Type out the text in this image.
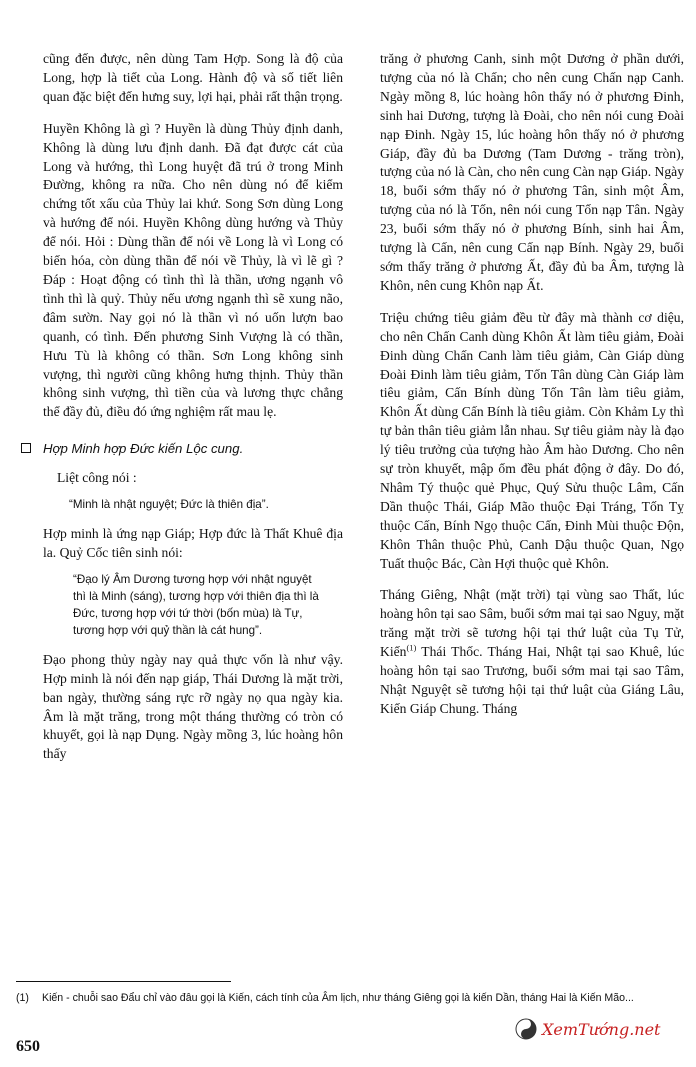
cũng đến được, nên dùng Tam Hợp. Song là độ của Long, hợp là tiết của Long. Hành độ và số tiết liên quan đặc biệt đến hưng suy, lợi hại, phải rất thận trọng.

Huyền Không là gì ? Huyền là dùng Thủy định danh, Không là dùng lưu định danh. Đã đạt được cát của Long và hướng, thì Long huyệt đã trú ở trong Minh Đường, không ra nữa. Cho nên dùng nó để kiểm chứng tốt xấu của Thủy lai khứ. Song Sơn dùng Long và hướng để nói. Huyền Không dùng hướng và Thủy để nói. Hỏi : Dùng thần để nói về Long là vì Long có biến hóa, còn dùng thần để nói về Thủy, là vì lẽ gì ? Đáp : Hoạt động có tình thì là thần, ương ngạnh vô tình thì là quỷ. Thủy nếu ương ngạnh thì sẽ xung não, đâm sườn. Nay gọi nó là thần vì nó uốn lượn bao quanh, có tình. Đến phương Sinh Vượng là có thần, Hưu Tù là không có thần. Sơn Long không sinh vượng, thì người cũng không hưng thịnh. Thủy thần không sinh vượng, thì tiền của và lương thực chẳng thể đầy đủ, điều đó ứng nghiệm rất mau lẹ.

Hợp Minh hợp Đức kiến Lộc cung.

Liệt công nói :

“Minh là nhật nguyệt; Đức là thiên địa”.

Hợp minh là ứng nạp Giáp; Hợp đức là Thất Khuê địa la. Quỷ Cốc tiên sinh nói:

“Đạo lý Âm Dương tương hợp với nhật nguyệt thì là Minh (sáng), tương hợp với thiên địa thì là Đức, tương hợp với tứ thời (bốn mùa) là Tự, tương hợp với quỷ thần là cát hung”.

Đạo phong thủy ngày nay quả thực vốn là như vậy. Hợp minh là nói đến nạp giáp, Thái Dương là mặt trời, ban ngày, thường sáng rực rỡ ngày nọ qua ngày kia. Âm là mặt trăng, trong một tháng thường có tròn có khuyết, gọi là nạp Dụng. Ngày mồng 3, lúc hoàng hôn thấy

trăng ở phương Canh, sinh một Dương ở phần dưới, tượng của nó là Chấn; cho nên cung Chấn nạp Canh. Ngày mồng 8, lúc hoàng hôn thấy nó ở phương Đinh, sinh hai Dương, tượng là Đoài, cho nên nói cung Đoài nạp Đinh. Ngày 15, lúc hoàng hôn thấy nó ở phương Giáp, đầy đủ ba Dương (Tam Dương - trăng tròn), tượng của nó là Càn, cho nên cung Càn nạp Giáp. Ngày 18, buổi sớm thấy nó ở phương Tân, sinh một Âm, tượng của nó là Tốn, nên nói cung Tốn nạp Tân. Ngày 23, buổi sớm thấy nó ở phương Bính, sinh hai Âm, tượng là Cấn, nên cung Cấn nạp Bính. Ngày 29, buổi sớm thấy trăng ở phương Ất, đầy đủ ba Âm, tượng là Khôn, nên cung Khôn nạp Ất.

Triệu chứng tiêu giảm đều từ đây mà thành cơ diệu, cho nên Chấn Canh dùng Khôn Ất làm tiêu giảm, Đoài Đinh dùng Chấn Canh làm tiêu giảm, Càn Giáp dùng Đoài Đinh làm tiêu giảm, Tốn Tân dùng Càn Giáp làm tiêu giảm, Cấn Bính dùng Tốn Tân làm tiêu giảm, Khôn Ất dùng Cấn Bính là tiêu giảm. Còn Khảm Ly thì tự bản thân tiêu giảm lẫn nhau. Sự tiêu giảm này là đạo lý tiêu trưởng của tượng hào Âm hào Dương. Cho nên sự tròn khuyết, mập ốm đều phát động ở đây. Do đó, Nhâm Tý thuộc quẻ Phục, Quý Sửu thuộc Lâm, Cấn Dần thuộc Thái, Giáp Mão thuộc Đại Tráng, Tốn Tỵ thuộc Cấn, Bính Ngọ thuộc Cấn, Đinh Mùi thuộc Độn, Khôn Thân thuộc Phủ, Canh Dậu thuộc Quan, Ngọ Tuất thuộc Bác, Càn Hợi thuộc quẻ Khôn.

Tháng Giêng, Nhật (mặt trời) tại vùng sao Thất, lúc hoàng hôn tại sao Sâm, buổi sớm mai tại sao Nguy, mặt trăng mặt trời sẽ tương hội tại thứ luật của Tụ Tử, Kiến$^{(1)}$ Thái Thốc. Tháng Hai, Nhật tại sao Khuê, lúc hoàng hôn tại sao Trương, buổi sớm mai tại sao Tâm, Nhật Nguyệt sẽ tương hội tại thứ luật của Giáng Lâu, Kiến Giáp Chung. Tháng

(1) Kiến - chuỗi sao Đẩu chỉ vào đâu gọi là Kiến, cách tính của Âm lịch, như tháng Giêng gọi là kiến Dần, tháng Hai là Kiến Mão...
650
XemTướng.net
